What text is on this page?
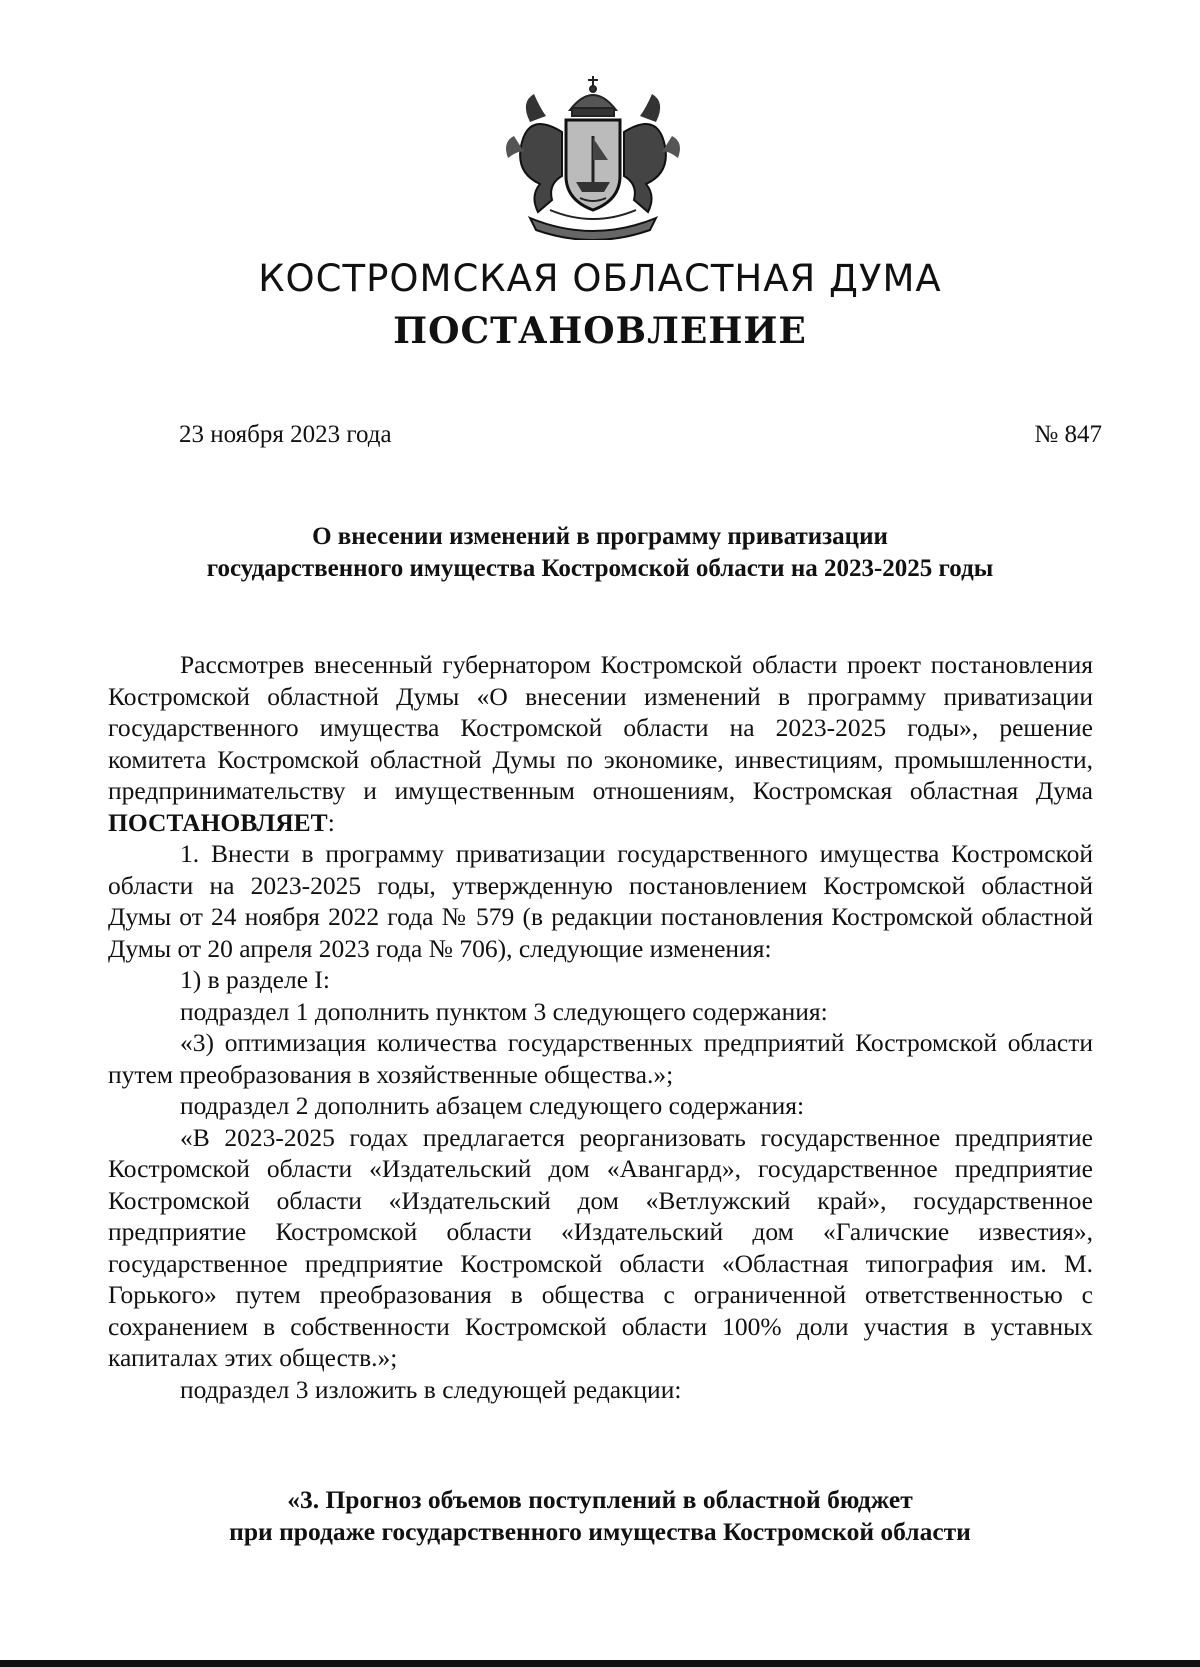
КОСТРОМСКАЯ ОБЛАСТНАЯ ДУМА
ПОСТАНОВЛЕНИЕ
23 ноября 2023 года	№ 847
О внесении изменений в программу приватизации
государственного имущества Костромской области на 2023-2025 годы

Рассмотрев внесенный губернатором Костромской области проект постановления Костромской областной Думы «О внесении изменений в программу приватизации государственного имущества Костромской области на 2023-2025 годы», решение комитета Костромской областной Думы по экономике, инвестициям, промышленности, предпринимательству и имущественным отношениям, Костромская областная Дума ПОСТАНОВЛЯЕТ:

1. Внести в программу приватизации государственного имущества Костромской области на 2023-2025 годы, утвержденную постановлением Костромской областной Думы от 24 ноября 2022 года № 579 (в редакции постановления Костромской областной Думы от 20 апреля 2023 года № 706), следующие изменения:

1) в разделе I:

подраздел 1 дополнить пунктом 3 следующего содержания:

«3) оптимизация количества государственных предприятий Костромской области путем преобразования в хозяйственные общества.»;

подраздел 2 дополнить абзацем следующего содержания:

«В 2023-2025 годах предлагается реорганизовать государственное предприятие Костромской области «Издательский дом «Авангард», государственное предприятие Костромской области «Издательский дом «Ветлужский край», государственное предприятие Костромской области «Издательский дом «Галичские известия», государственное предприятие Костромской области «Областная типография им. М. Горького» путем преобразования в общества с ограниченной ответственностью с сохранением в собственности Костромской области 100% доли участия в уставных капиталах этих обществ.»;

подраздел 3 изложить в следующей редакции:

«3. Прогноз объемов поступлений в областной бюджет
при продаже государственного имущества Костромской области
